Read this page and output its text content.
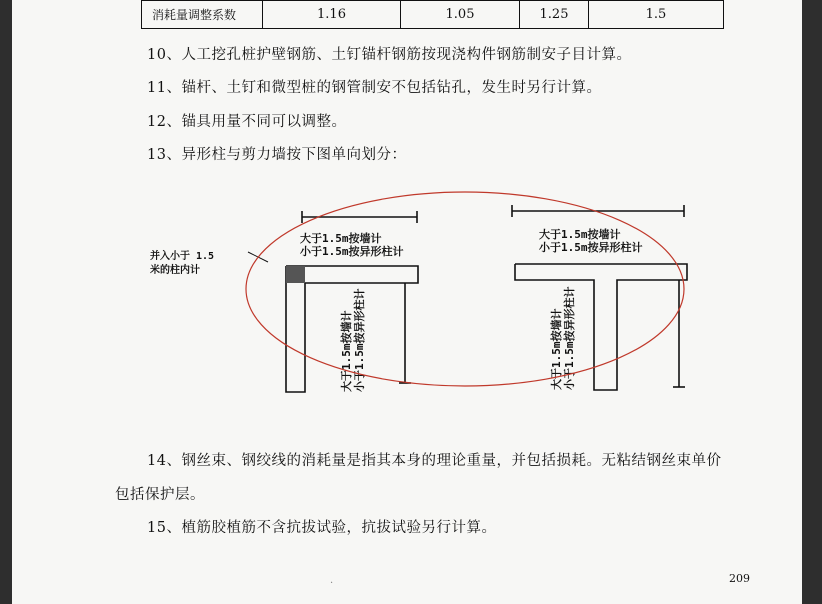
消耗量调整系数	1.16	1.05	1.25	1.5
10、人工挖孔桩护壁钢筋、土钉锚杆钢筋按现浇构件钢筋制安子目计算。
11、锚杆、土钉和微型桩的钢管制安不包括钻孔，发生时另行计算。
12、锚具用量不同可以调整。
13、异形柱与剪力墙按下图单向划分：
大于1.5m按墙计
小于1.5m按异形柱计
并入小于 1.5
米的柱内计
大于1.5m按墙计 小于1.5m按异形柱计
大于1.5m按墙计
小于1.5m按异形柱计
大于1.5m按墙计 小于1.5m按异形柱计
14、钢丝束、钢绞线的消耗量是指其本身的理论重量，并包括损耗。无粘结钢丝束单价
包括保护层。
15、植筋胶植筋不含抗拔试验，抗拔试验另行计算。
·	209
